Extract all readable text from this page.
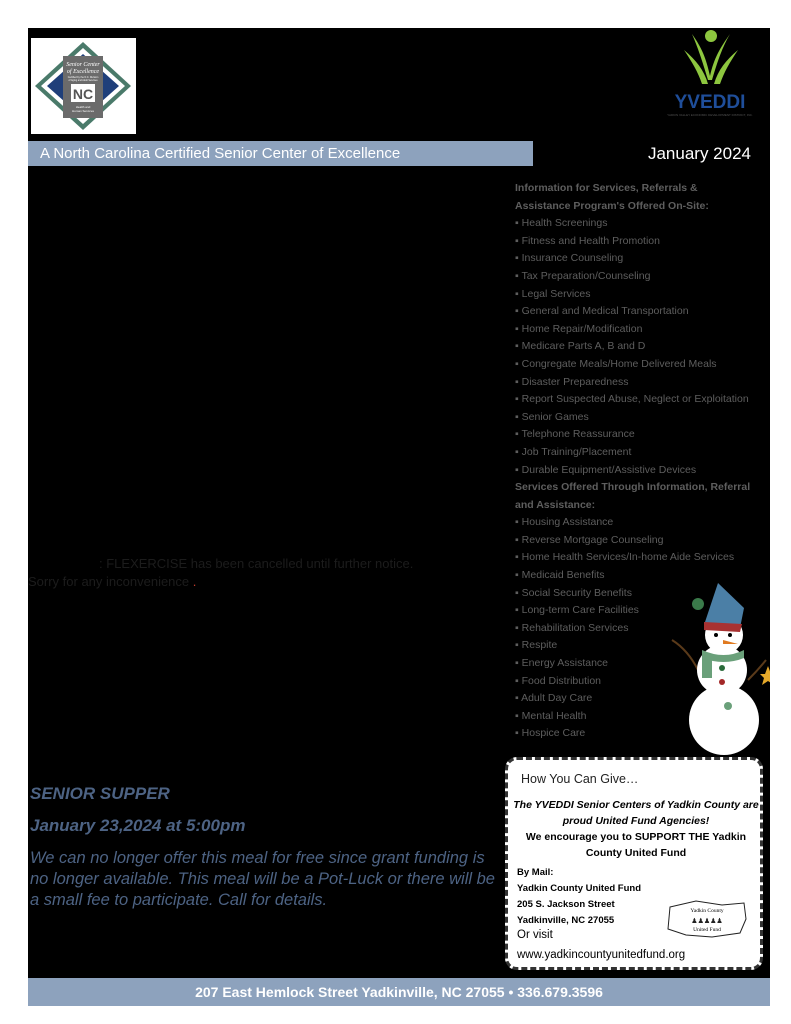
Senior Center
of Excellence
Certified by the N.C. Division
of Aging and Adult Services
NC
Health and
Human Services	YVEDDI
YADKIN VALLEY ECONOMIC DEVELOPMENT DISTRICT, INC.
A North Carolina Certified Senior Center of Excellence	January 2024
: FLEXERCISE has been cancelled until further notice.
Sorry for any inconvenience .
Information for Services, Referrals & Assistance Program's Offered On-Site:
▪ Health Screenings
▪ Fitness and Health Promotion
▪ Insurance Counseling
▪ Tax Preparation/Counseling
▪ Legal Services
▪ General and Medical Transportation
▪ Home Repair/Modification
▪ Medicare Parts A, B and D
▪ Congregate Meals/Home Delivered Meals
▪ Disaster Preparedness
▪ Report Suspected Abuse, Neglect or Exploitation
▪ Senior Games
▪ Telephone Reassurance
▪ Job Training/Placement
▪ Durable Equipment/Assistive Devices
Services Offered Through Information, Referral and Assistance:
▪ Housing Assistance
▪ Reverse Mortgage Counseling
▪ Home Health Services/In-home Aide Services
▪ Medicaid Benefits
▪ Social Security Benefits
▪ Long-term Care Facilities
▪ Rehabilitation Services
▪ Respite
▪ Energy Assistance
▪ Food Distribution
▪ Adult Day Care
▪ Mental Health
▪ Hospice Care
SENIOR SUPPER
January 23,2024 at 5:00pm
We can no longer offer this meal for free since grant funding is no longer available. This meal will be a Pot-Luck or there will be a small fee to participate. Call for details.
How You Can Give…
The YVEDDI Senior Centers of Yadkin County are proud United Fund Agencies!
We encourage you to SUPPORT THE Yadkin County United Fund
By Mail:
Yadkin County United Fund
205 S. Jackson Street
Yadkinville, NC 27055
Or visit
www.yadkincountyunitedfund.org
Yadkin County
♟♟♟♟♟
United Fund
207 East Hemlock Street Yadkinville, NC 27055 • 336.679.3596
